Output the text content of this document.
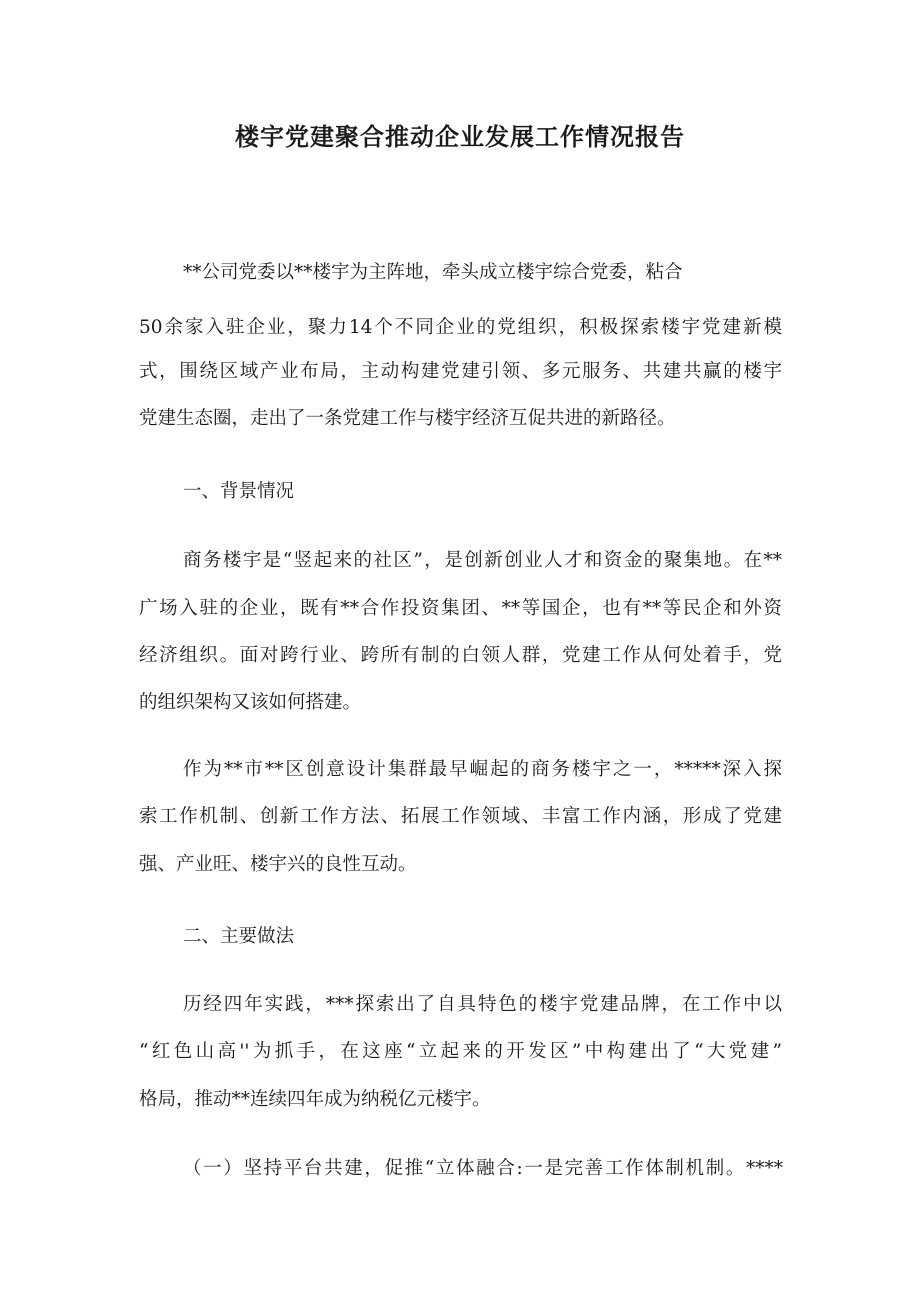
楼宇党建聚合推动企业发展工作情况报告
**公司党委以**楼宇为主阵地，牵头成立楼宇综合党委，粘合
50余家入驻企业，聚力14个不同企业的党组织，积极探索楼宇党建新模
式，围绕区域产业布局，主动构建党建引领、多元服务、共建共赢的楼宇
党建生态圈，走出了一条党建工作与楼宇经济互促共进的新路径。
一、背景情况
商务楼宇是“竖起来的社区”，是创新创业人才和资金的聚集地。在**
广场入驻的企业，既有**合作投资集团、**等国企，也有**等民企和外资
经济组织。面对跨行业、跨所有制的白领人群，党建工作从何处着手，党
的组织架构又该如何搭建。
作为**市**区创意设计集群最早崛起的商务楼宇之一，*****深入探
索工作机制、创新工作方法、拓展工作领域、丰富工作内涵，形成了党建
强、产业旺、楼宇兴的良性互动。
二、主要做法
历经四年实践，***探索出了自具特色的楼宇党建品牌，在工作中以
“红色山高''为抓手，在这座“立起来的开发区”中构建出了“大党建”
格局，推动**连续四年成为纳税亿元楼宇。
（一）坚持平台共建，促推“立体融合:一是完善工作体制机制。****
